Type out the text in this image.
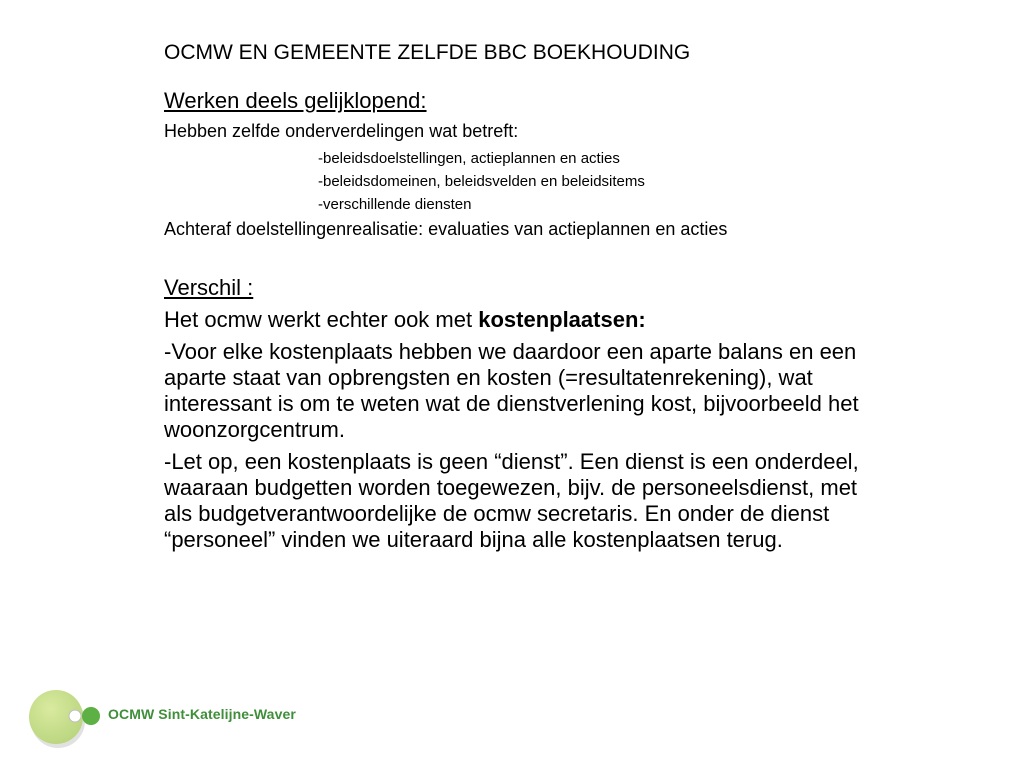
OCMW EN GEMEENTE ZELFDE BBC BOEKHOUDING
Werken deels gelijklopend:
Hebben zelfde onderverdelingen wat betreft:
-beleidsdoelstellingen, actieplannen en acties
-beleidsdomeinen, beleidsvelden en beleidsitems
-verschillende diensten
Achteraf doelstellingenrealisatie: evaluaties van actieplannen en acties
Verschil :
Het ocmw werkt echter ook met kostenplaatsen:
-Voor elke kostenplaats hebben we daardoor een aparte balans en een aparte staat van opbrengsten en kosten (=resultatenrekening), wat interessant is om te weten wat de dienstverlening kost, bijvoorbeeld het woonzorgcentrum.
-Let op, een kostenplaats is geen “dienst”. Een dienst is een onderdeel, waaraan budgetten worden toegewezen, bijv. de personeelsdienst, met als budgetverantwoordelijke de ocmw secretaris. En onder de dienst “personeel” vinden we uiteraard bijna alle kostenplaatsen terug.
OCMW Sint-Katelijne-Waver
